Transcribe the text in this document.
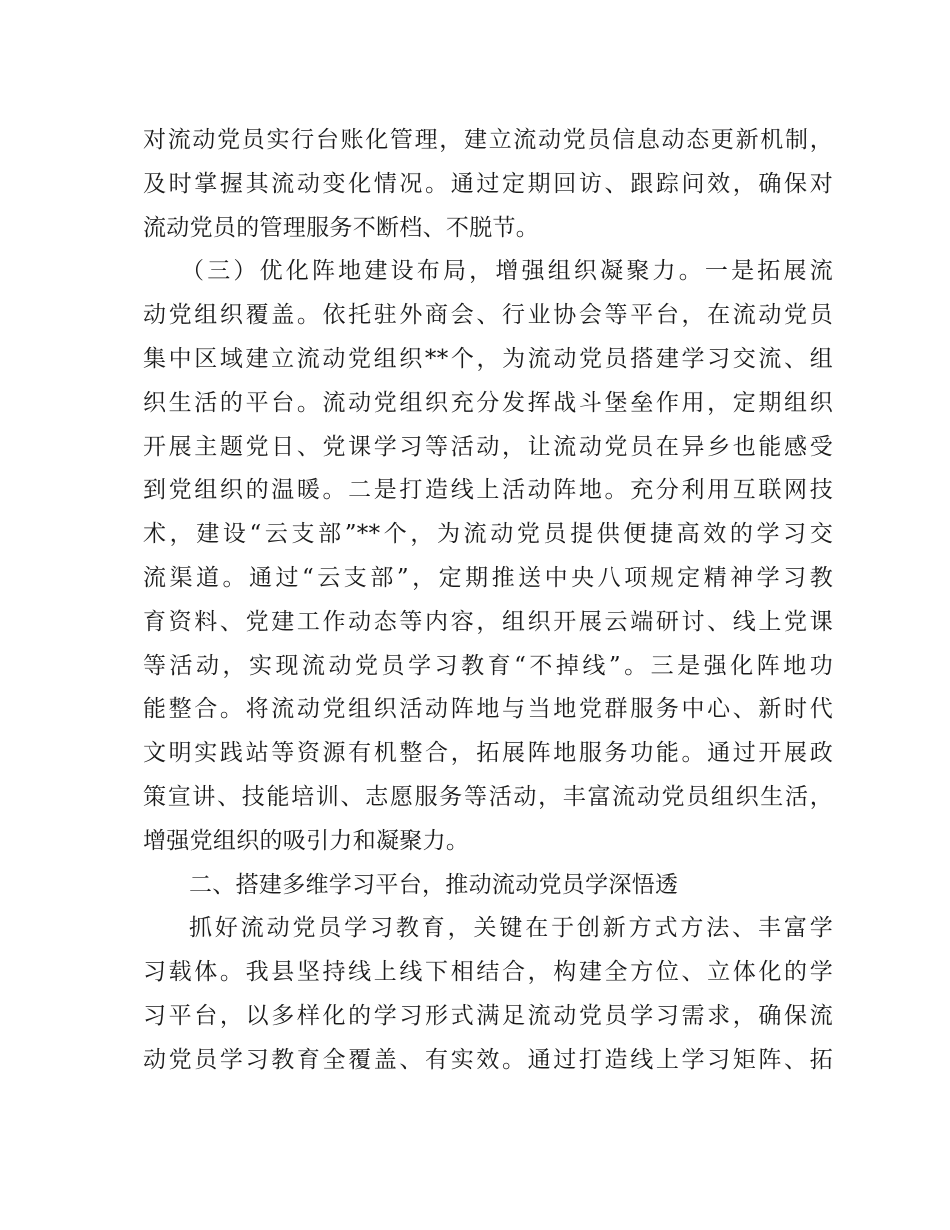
对流动党员实行台账化管理，建立流动党员信息动态更新机制，
及时掌握其流动变化情况。通过定期回访、跟踪问效，确保对
流动党员的管理服务不断档、不脱节。
（三）优化阵地建设布局，增强组织凝聚力。一是拓展流
动党组织覆盖。依托驻外商会、行业协会等平台，在流动党员
集中区域建立流动党组织**个，为流动党员搭建学习交流、组
织生活的平台。流动党组织充分发挥战斗堡垒作用，定期组织
开展主题党日、党课学习等活动，让流动党员在异乡也能感受
到党组织的温暖。二是打造线上活动阵地。充分利用互联网技
术，建设“云支部”**个，为流动党员提供便捷高效的学习交
流渠道。通过“云支部”，定期推送中央八项规定精神学习教
育资料、党建工作动态等内容，组织开展云端研讨、线上党课
等活动，实现流动党员学习教育“不掉线”。三是强化阵地功
能整合。将流动党组织活动阵地与当地党群服务中心、新时代
文明实践站等资源有机整合，拓展阵地服务功能。通过开展政
策宣讲、技能培训、志愿服务等活动，丰富流动党员组织生活，
增强党组织的吸引力和凝聚力。
二、搭建多维学习平台，推动流动党员学深悟透
抓好流动党员学习教育，关键在于创新方式方法、丰富学
习载体。我县坚持线上线下相结合，构建全方位、立体化的学
习平台，以多样化的学习形式满足流动党员学习需求，确保流
动党员学习教育全覆盖、有实效。通过打造线上学习矩阵、拓
